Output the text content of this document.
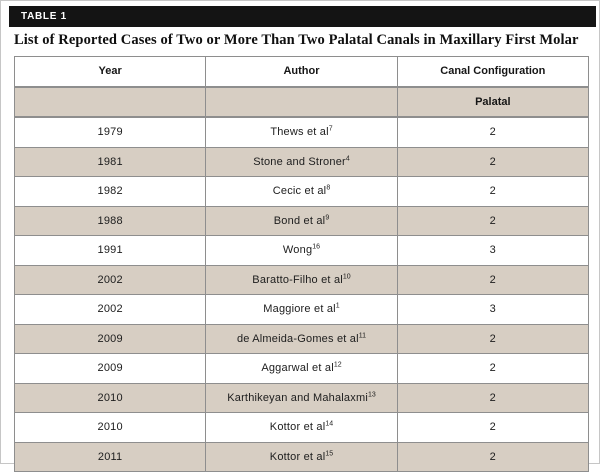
TABLE 1
List of Reported Cases of Two or More Than Two Palatal Canals in Maxillary First Molar
Year	Author	Canal Configuration
		Palatal
1979	Thews et al$^7$	2
1981	Stone and Stroner$^4$	2
1982	Cecic et al$^8$	2
1988	Bond et al$^9$	2
1991	Wong$^{16}$	3
2002	Baratto-Filho et al$^{10}$	2
2002	Maggiore et al$^1$	3
2009	de Almeida-Gomes et al$^{11}$	2
2009	Aggarwal et al$^{12}$	2
2010	Karthikeyan and Mahalaxmi$^{13}$	2
2010	Kottor et al$^{14}$	2
2011	Kottor et al$^{15}$	2
